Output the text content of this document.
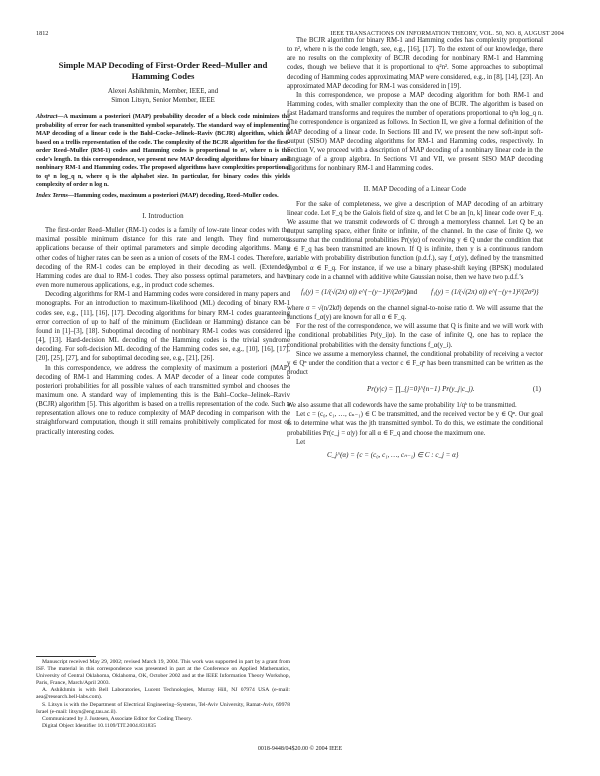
1812	IEEE TRANSACTIONS ON INFORMATION THEORY, VOL. 50, NO. 8, AUGUST 2004
Simple MAP Decoding of First-Order Reed–Muller and Hamming Codes
Alexei Ashikhmin, Member, IEEE, and
Simon Litsyn, Senior Member, IEEE
Abstract—A maximum a posteriori (MAP) probability decoder of a block code minimizes the probability of error for each transmitted symbol separately. The standard way of implementing MAP decoding of a linear code is the Bahl–Cocke–Jelinek–Raviv (BCJR) algorithm, which is based on a trellis representation of the code. The complexity of the BCJR algorithm for the first-order Reed–Muller (RM-1) codes and Hamming codes is proportional to n², where n is the code’s length. In this correspondence, we present new MAP decoding algorithms for binary and nonbinary RM-1 and Hamming codes. The proposed algorithms have complexities proportional to qⁿ n log_q n, where q is the alphabet size. In particular, for binary codes this yields complexity of order n log n.
Index Terms—Hamming codes, maximum a posteriori (MAP) decoding, Reed–Muller codes.
I. Introduction

The first-order Reed–Muller (RM-1) codes is a family of low-rate linear codes with the maximal possible minimum distance for this rate and length. They find numerous applications because of their optimal parameters and simple decoding algorithms. Many other codes of higher rates can be seen as a union of cosets of the RM-1 codes. Therefore, a decoding of the RM-1 codes can be employed in their decoding as well. (Extended) Hamming codes are dual to RM-1 codes. They also possess optimal parameters, and have even more numerous applications, e.g., in product code schemes.

Decoding algorithms for RM-1 and Hamming codes were considered in many papers and monographs. For an introduction to maximum-likelihood (ML) decoding of binary RM-1 codes see, e.g., [11], [16], [17]. Decoding algorithms for binary RM-1 codes guaranteeing error correction of up to half of the minimum (Euclidean or Hamming) distance can be found in [1]–[3], [18]. Suboptimal decoding of nonbinary RM-1 codes was considered in [4], [13]. Hard-decision ML decoding of the Hamming codes is the trivial syndrome decoding. For soft-decision ML decoding of the Hamming codes see, e.g., [10], [16], [17], [20], [25], [27], and for suboptimal decoding see, e.g., [21], [26].

In this correspondence, we address the complexity of maximum a posteriori (MAP) decoding of RM-1 and Hamming codes. A MAP decoder of a linear code computes a posteriori probabilities for all possible values of each transmitted symbol and chooses the maximum one. A standard way of implementing this is the Bahl–Cocke–Jelinek–Raviv (BCJR) algorithm [5]. This algorithm is based on a trellis representation of the code. Such a representation allows one to reduce complexity of MAP decoding in comparison with the straightforward computation, though it still remains prohibitively complicated for most of practically interesting codes.

Manuscript received May 29, 2002; revised March 19, 2004. This work was supported in part by a grant from ISF. The material in this correspondence was presented in part at the Conference on Applied Mathematics, University of Central Oklahoma, Oklahoma, OK, October 2002 and at the IEEE Information Theory Workshop, Paris, France, March/April 2003.

A. Ashikhmin is with Bell Laboratories, Lucent Technologies, Murray Hill, NJ 07974 USA (e-mail: aea@research.bell-labs.com).

S. Litsyn is with the Department of Electrical Engineering–Systems, Tel-Aviv University, Ramat-Aviv, 69978 Israel (e-mail: litsyn@eng.tau.ac.il).

Communicated by J. Justesen, Associate Editor for Coding Theory.

Digital Object Identifier 10.1109/TIT.2004.831835

The BCJR algorithm for binary RM-1 and Hamming codes has complexity proportional to n², where n is the code length, see, e.g., [16], [17]. To the extent of our knowledge, there are no results on the complexity of BCJR decoding for nonbinary RM-1 and Hamming codes, though we believe that it is proportional to q²n². Some approaches to suboptimal decoding of Hamming codes approximating MAP were considered, e.g., in [8], [14], [23]. An approximated MAP decoding for RM-1 was considered in [19].

In this correspondence, we propose a MAP decoding algorithm for both RM-1 and Hamming codes, with smaller complexity than the one of BCJR. The algorithm is based on fast Hadamard transforms and requires the number of operations proportional to q²n log_q n. The correspondence is organized as follows. In Section II, we give a formal definition of the MAP decoding of a linear code. In Sections III and IV, we present the new soft-input soft-output (SISO) MAP decoding algorithms for RM-1 and Hamming codes, respectively. In Section V, we proceed with a description of MAP decoding of a nonbinary linear code in the language of a group algebra. In Sections VI and VII, we present SISO MAP decoding algorithms for nonbinary RM-1 and Hamming codes.

II. MAP Decoding of a Linear Code

For the sake of completeness, we give a description of MAP decoding of an arbitrary linear code. Let F_q be the Galois field of size q, and let C be an [n, k] linear code over F_q. We assume that we transmit codewords of C through a memoryless channel. Let Q be an output sampling space, either finite or infinite, of the channel. In the case of finite Q, we assume that the conditional probabilities Pr(y|α) of receiving y ∈ Q under the condition that α ∈ F_q has been transmitted are known. If Q is infinite, then y is a continuous random variable with probability distribution function (p.d.f.), say f_α(y), defined by the transmitted symbol α ∈ F_q. For instance, if we use a binary phase-shift keying (BPSK) modulated binary code in a channel with additive white Gaussian noise, then we have two p.d.f.’s

f₀(y) = (1/(√(2π) σ)) e^{−(y−1)²/(2σ²)}
and f₁(y) = (1/(√(2π) σ)) e^{−(y+1)²/(2σ²)}

where σ = √(n/2kϑ) depends on the channel signal-to-noise ratio ϑ. We will assume that the functions f_α(y) are known for all α ∈ F_q.

For the rest of the correspondence, we will assume that Q is finite and we will work with the conditional probabilities Pr(y_i|α). In the case of infinite Q, one has to replace the conditional probabilities with the density functions f_α(y_i).

Since we assume a memoryless channel, the conditional probability of receiving a vector y ∈ Qⁿ under the condition that a vector c ∈ F_qⁿ has been transmitted can be written as the product

Pr(y|c) = ∏_{j=0}^{n−1} Pr(y_j|c_j).	(1)

We also assume that all codewords have the same probability 1/qᵏ to be transmitted.

Let c = (c₀, c₁, …, cₙ₋₁) ∈ C be transmitted, and the received vector be y ∈ Qⁿ. Our goal is to determine what was the jth transmitted symbol. To do this, we estimate the conditional probabilities Pr(c_j = α|y) for all α ∈ F_q and choose the maximum one.

Let

C_j^(α) = {c = (c₀, c₁, …, cₙ₋₁) ∈ C : c_j = α}
0018-9448/04$20.00 © 2004 IEEE
